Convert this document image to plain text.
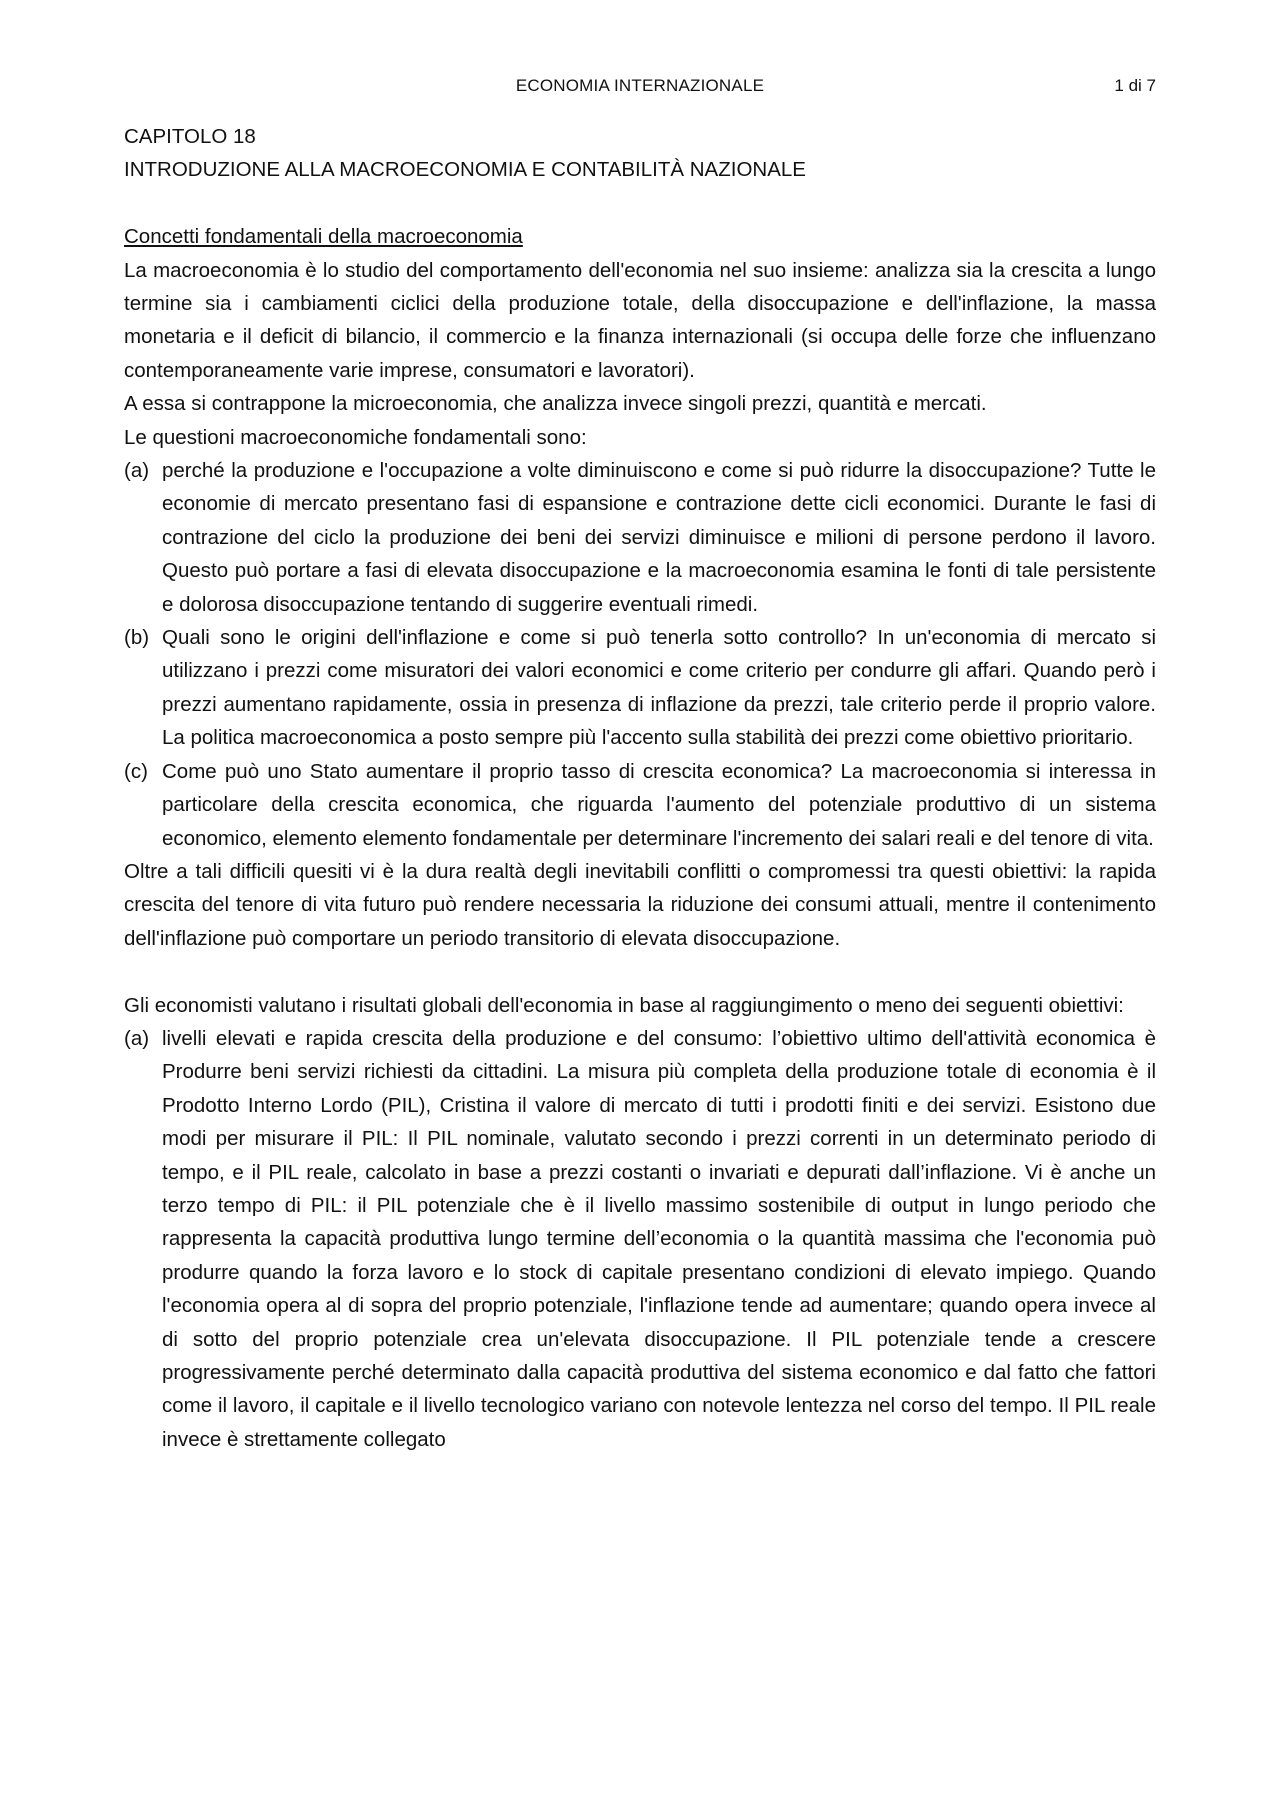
ECONOMIA INTERNAZIONALE	1 di 7
CAPITOLO 18
INTRODUZIONE ALLA MACROECONOMIA E CONTABILITÀ NAZIONALE
Concetti fondamentali della macroeconomia

La macroeconomia è lo studio del comportamento dell'economia nel suo insieme: analizza sia la crescita a lungo termine sia i cambiamenti ciclici della produzione totale, della disoccupazione e dell'inflazione, la massa monetaria e il deficit di bilancio, il commercio e la finanza internazionali (si occupa delle forze che influenzano contemporaneamente varie imprese, consumatori e lavoratori).

A essa si contrappone la microeconomia, che analizza invece singoli prezzi, quantità e mercati.

Le questioni macroeconomiche fondamentali sono:

(a) perché la produzione e l'occupazione a volte diminuiscono e come si può ridurre la disoccupazione? Tutte le economie di mercato presentano fasi di espansione e contrazione dette cicli economici. Durante le fasi di contrazione del ciclo la produzione dei beni dei servizi diminuisce e milioni di persone perdono il lavoro. Questo può portare a fasi di elevata disoccupazione e la macroeconomia esamina le fonti di tale persistente e dolorosa disoccupazione tentando di suggerire eventuali rimedi.
(b) Quali sono le origini dell'inflazione e come si può tenerla sotto controllo? In un'economia di mercato si utilizzano i prezzi come misuratori dei valori economici e come criterio per condurre gli affari. Quando però i prezzi aumentano rapidamente, ossia in presenza di inflazione da prezzi, tale criterio perde il proprio valore. La politica macroeconomica a posto sempre più l'accento sulla stabilità dei prezzi come obiettivo prioritario.
(c) Come può uno Stato aumentare il proprio tasso di crescita economica? La macroeconomia si interessa in particolare della crescita economica, che riguarda l'aumento del potenziale produttivo di un sistema economico, elemento elemento fondamentale per determinare l'incremento dei salari reali e del tenore di vita.

Oltre a tali difficili quesiti vi è la dura realtà degli inevitabili conflitti o compromessi tra questi obiettivi: la rapida crescita del tenore di vita futuro può rendere necessaria la riduzione dei consumi attuali, mentre il contenimento dell'inflazione può comportare un periodo transitorio di elevata disoccupazione.

Gli economisti valutano i risultati globali dell'economia in base al raggiungimento o meno dei seguenti obiettivi:

(a) livelli elevati e rapida crescita della produzione e del consumo: l’obiettivo ultimo dell'attività economica è Produrre beni servizi richiesti da cittadini. La misura più completa della produzione totale di economia è il Prodotto Interno Lordo (PIL), Cristina il valore di mercato di tutti i prodotti finiti e dei servizi. Esistono due modi per misurare il PIL: Il PIL nominale, valutato secondo i prezzi correnti in un determinato periodo di tempo, e il PIL reale, calcolato in base a prezzi costanti o invariati e depurati dall’inflazione. Vi è anche un terzo tempo di PIL: il PIL potenziale che è il livello massimo sostenibile di output in lungo periodo che rappresenta la capacità produttiva lungo termine dell’economia o la quantità massima che l'economia può produrre quando la forza lavoro e lo stock di capitale presentano condizioni di elevato impiego. Quando l'economia opera al di sopra del proprio potenziale, l'inflazione tende ad aumentare; quando opera invece al di sotto del proprio potenziale crea un'elevata disoccupazione. Il PIL potenziale tende a crescere progressivamente perché determinato dalla capacità produttiva del sistema economico e dal fatto che fattori come il lavoro, il capitale e il livello tecnologico variano con notevole lentezza nel corso del tempo. Il PIL reale invece è strettamente collegato
